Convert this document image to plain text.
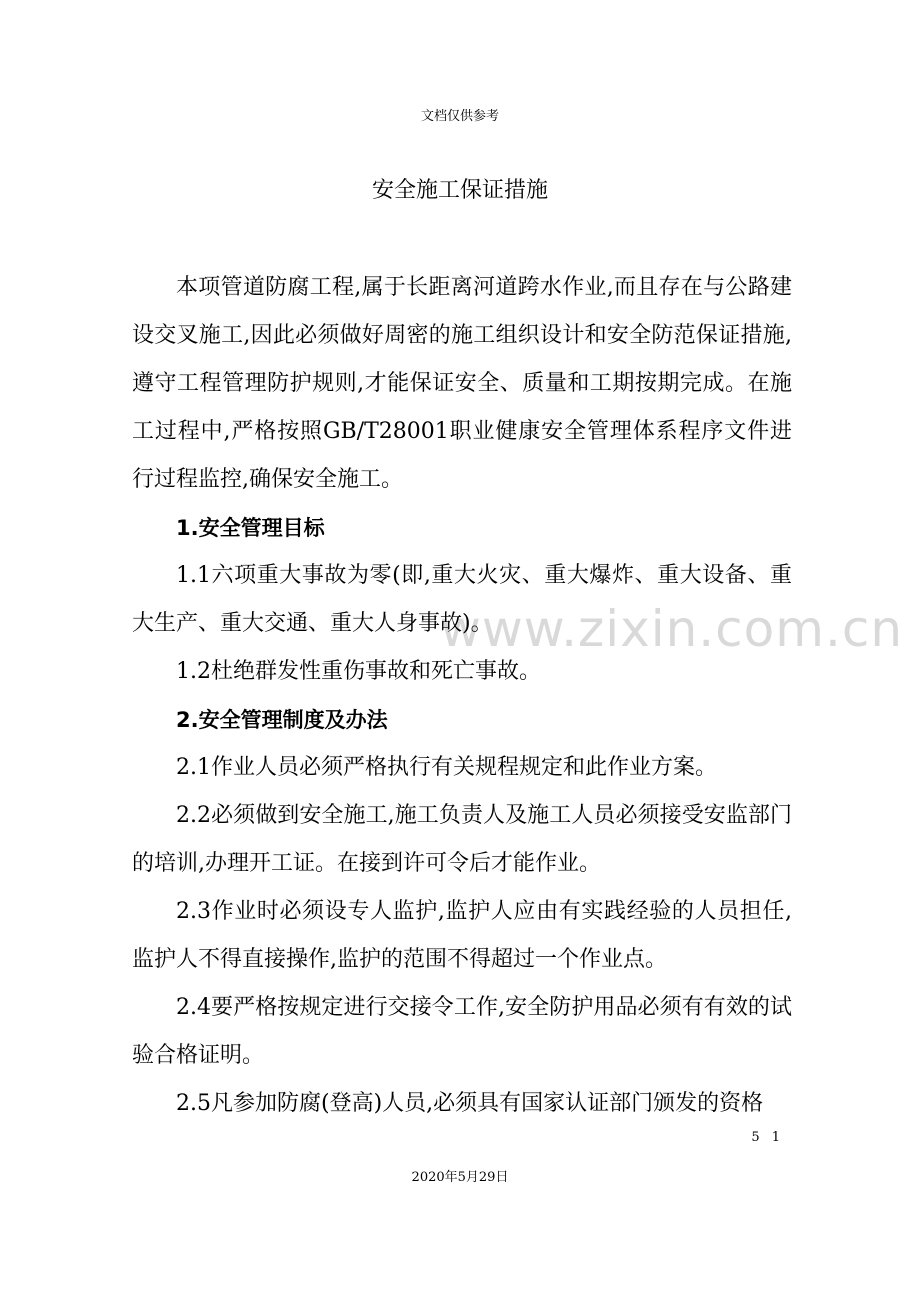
文档仅供参考
安全施工保证措施
www.zixin.com.cn

本项管道防腐工程,属于长距离河道跨水作业,而且存在与公路建设交叉施工,因此必须做好周密的施工组织设计和安全防范保证措施,遵守工程管理防护规则,才能保证安全、质量和工期按期完成。在施工过程中,严格按照GB/T28001职业健康安全管理体系程序文件进行过程监控,确保安全施工。

1.安全管理目标

1.1六项重大事故为零(即,重大火灾、重大爆炸、重大设备、重大生产、重大交通、重大人身事故)。

1.2杜绝群发性重伤事故和死亡事故。

2.安全管理制度及办法

2.1作业人员必须严格执行有关规程规定和此作业方案。

2.2必须做到安全施工,施工负责人及施工人员必须接受安监部门的培训,办理开工证。在接到许可令后才能作业。

2.3作业时必须设专人监护,监护人应由有实践经验的人员担任,监护人不得直接操作,监护的范围不得超过一个作业点。

2.4要严格按规定进行交接令工作,安全防护用品必须有有效的试验合格证明。

2.5凡参加防腐(登高)人员,必须具有国家认证部门颁发的资格

5 1
2020年5月29日
